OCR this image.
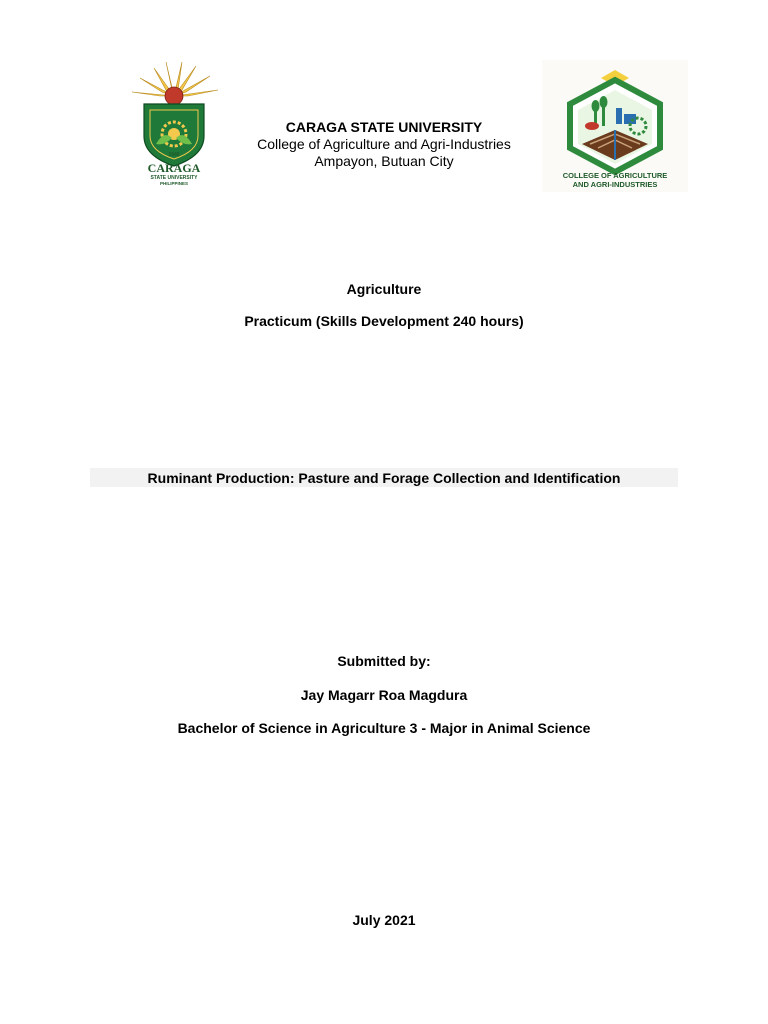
1946
CARAGA
STATE UNIVERSITY
PHILIPPINES
COLLEGE OF AGRICULTURE
AND AGRI-INDUSTRIES
CARAGA STATE UNIVERSITY
College of Agriculture and Agri-Industries
Ampayon, Butuan City
Agriculture
Practicum (Skills Development 240 hours)
Ruminant Production: Pasture and Forage Collection and Identification
Submitted by:
Jay Magarr Roa Magdura
Bachelor of Science in Agriculture 3 - Major in Animal Science
July 2021
